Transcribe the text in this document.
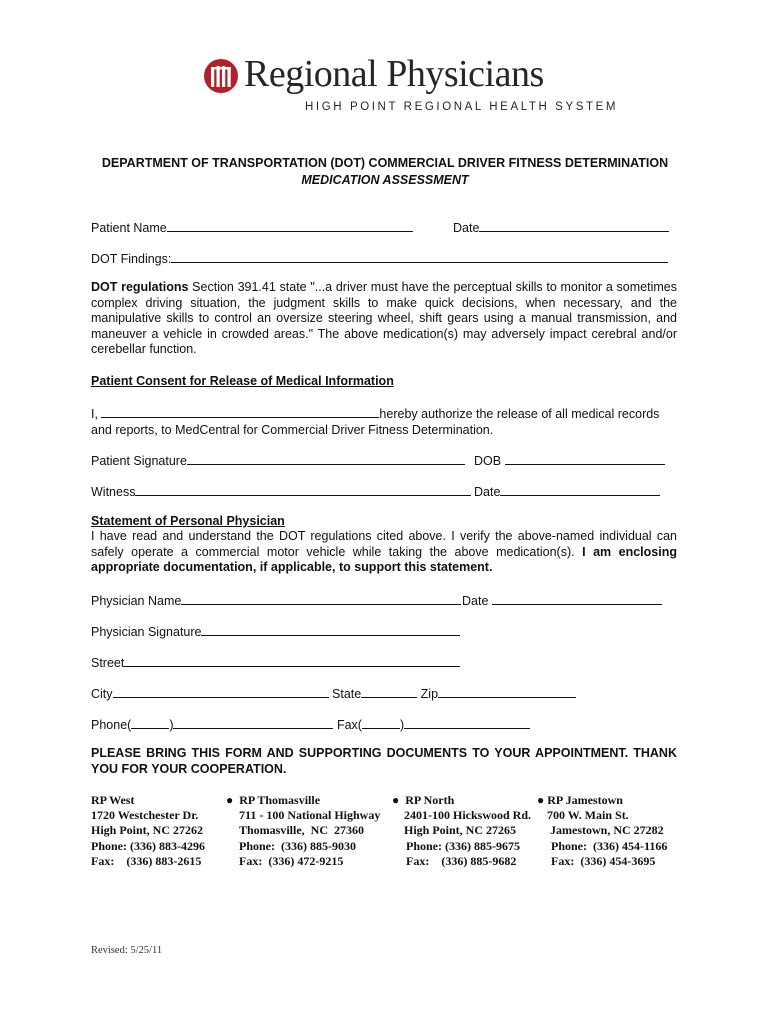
Regional Physicians
HIGH POINT REGIONAL HEALTH SYSTEM
DEPARTMENT OF TRANSPORTATION (DOT) COMMERCIAL DRIVER FITNESS DETERMINATION
MEDICATION ASSESSMENT
Patient Name	Date
DOT Findings:
DOT regulations Section 391.41 state "...a driver must have the perceptual skills to monitor a sometimes complex driving situation, the judgment skills to make quick decisions, when necessary, and the manipulative skills to control an oversize steering wheel, shift gears using a manual transmission, and maneuver a vehicle in crowded areas." The above medication(s) may adversely impact cerebral and/or cerebellar function.
Patient Consent for Release of Medical Information
I,	hereby authorize the release of all medical records
and reports, to MedCentral for Commercial Driver Fitness Determination.
Patient Signature	DOB
Witness	Date
Statement of Personal Physician
I have read and understand the DOT regulations cited above. I verify the above-named individual can safely operate a commercial motor vehicle while taking the above medication(s). I am enclosing appropriate documentation, if applicable, to support this statement.
Physician Name	Date
Physician Signature
Street
City	State	Zip
Phone(	)	Fax(	)
PLEASE BRING THIS FORM AND SUPPORTING DOCUMENTS TO YOUR APPOINTMENT. THANK YOU FOR YOUR COOPERATION.
RP West
1720 Westchester Dr.
High Point, NC 27262
Phone: (336) 883-4296
Fax:    (336) 883-2615
● RP Thomasville
711 - 100 National Highway
Thomasville,  NC  27360
Phone:  (336) 885-9030
Fax:  (336) 472-9215
● RP North
2401-100 Hickswood Rd.
High Point, NC 27265
Phone: (336) 885-9675
Fax:    (336) 885-9682
● RP Jamestown
700 W. Main St.
Jamestown, NC 27282
Phone:  (336) 454-1166
Fax:  (336) 454-3695
Revised: 5/25/11
